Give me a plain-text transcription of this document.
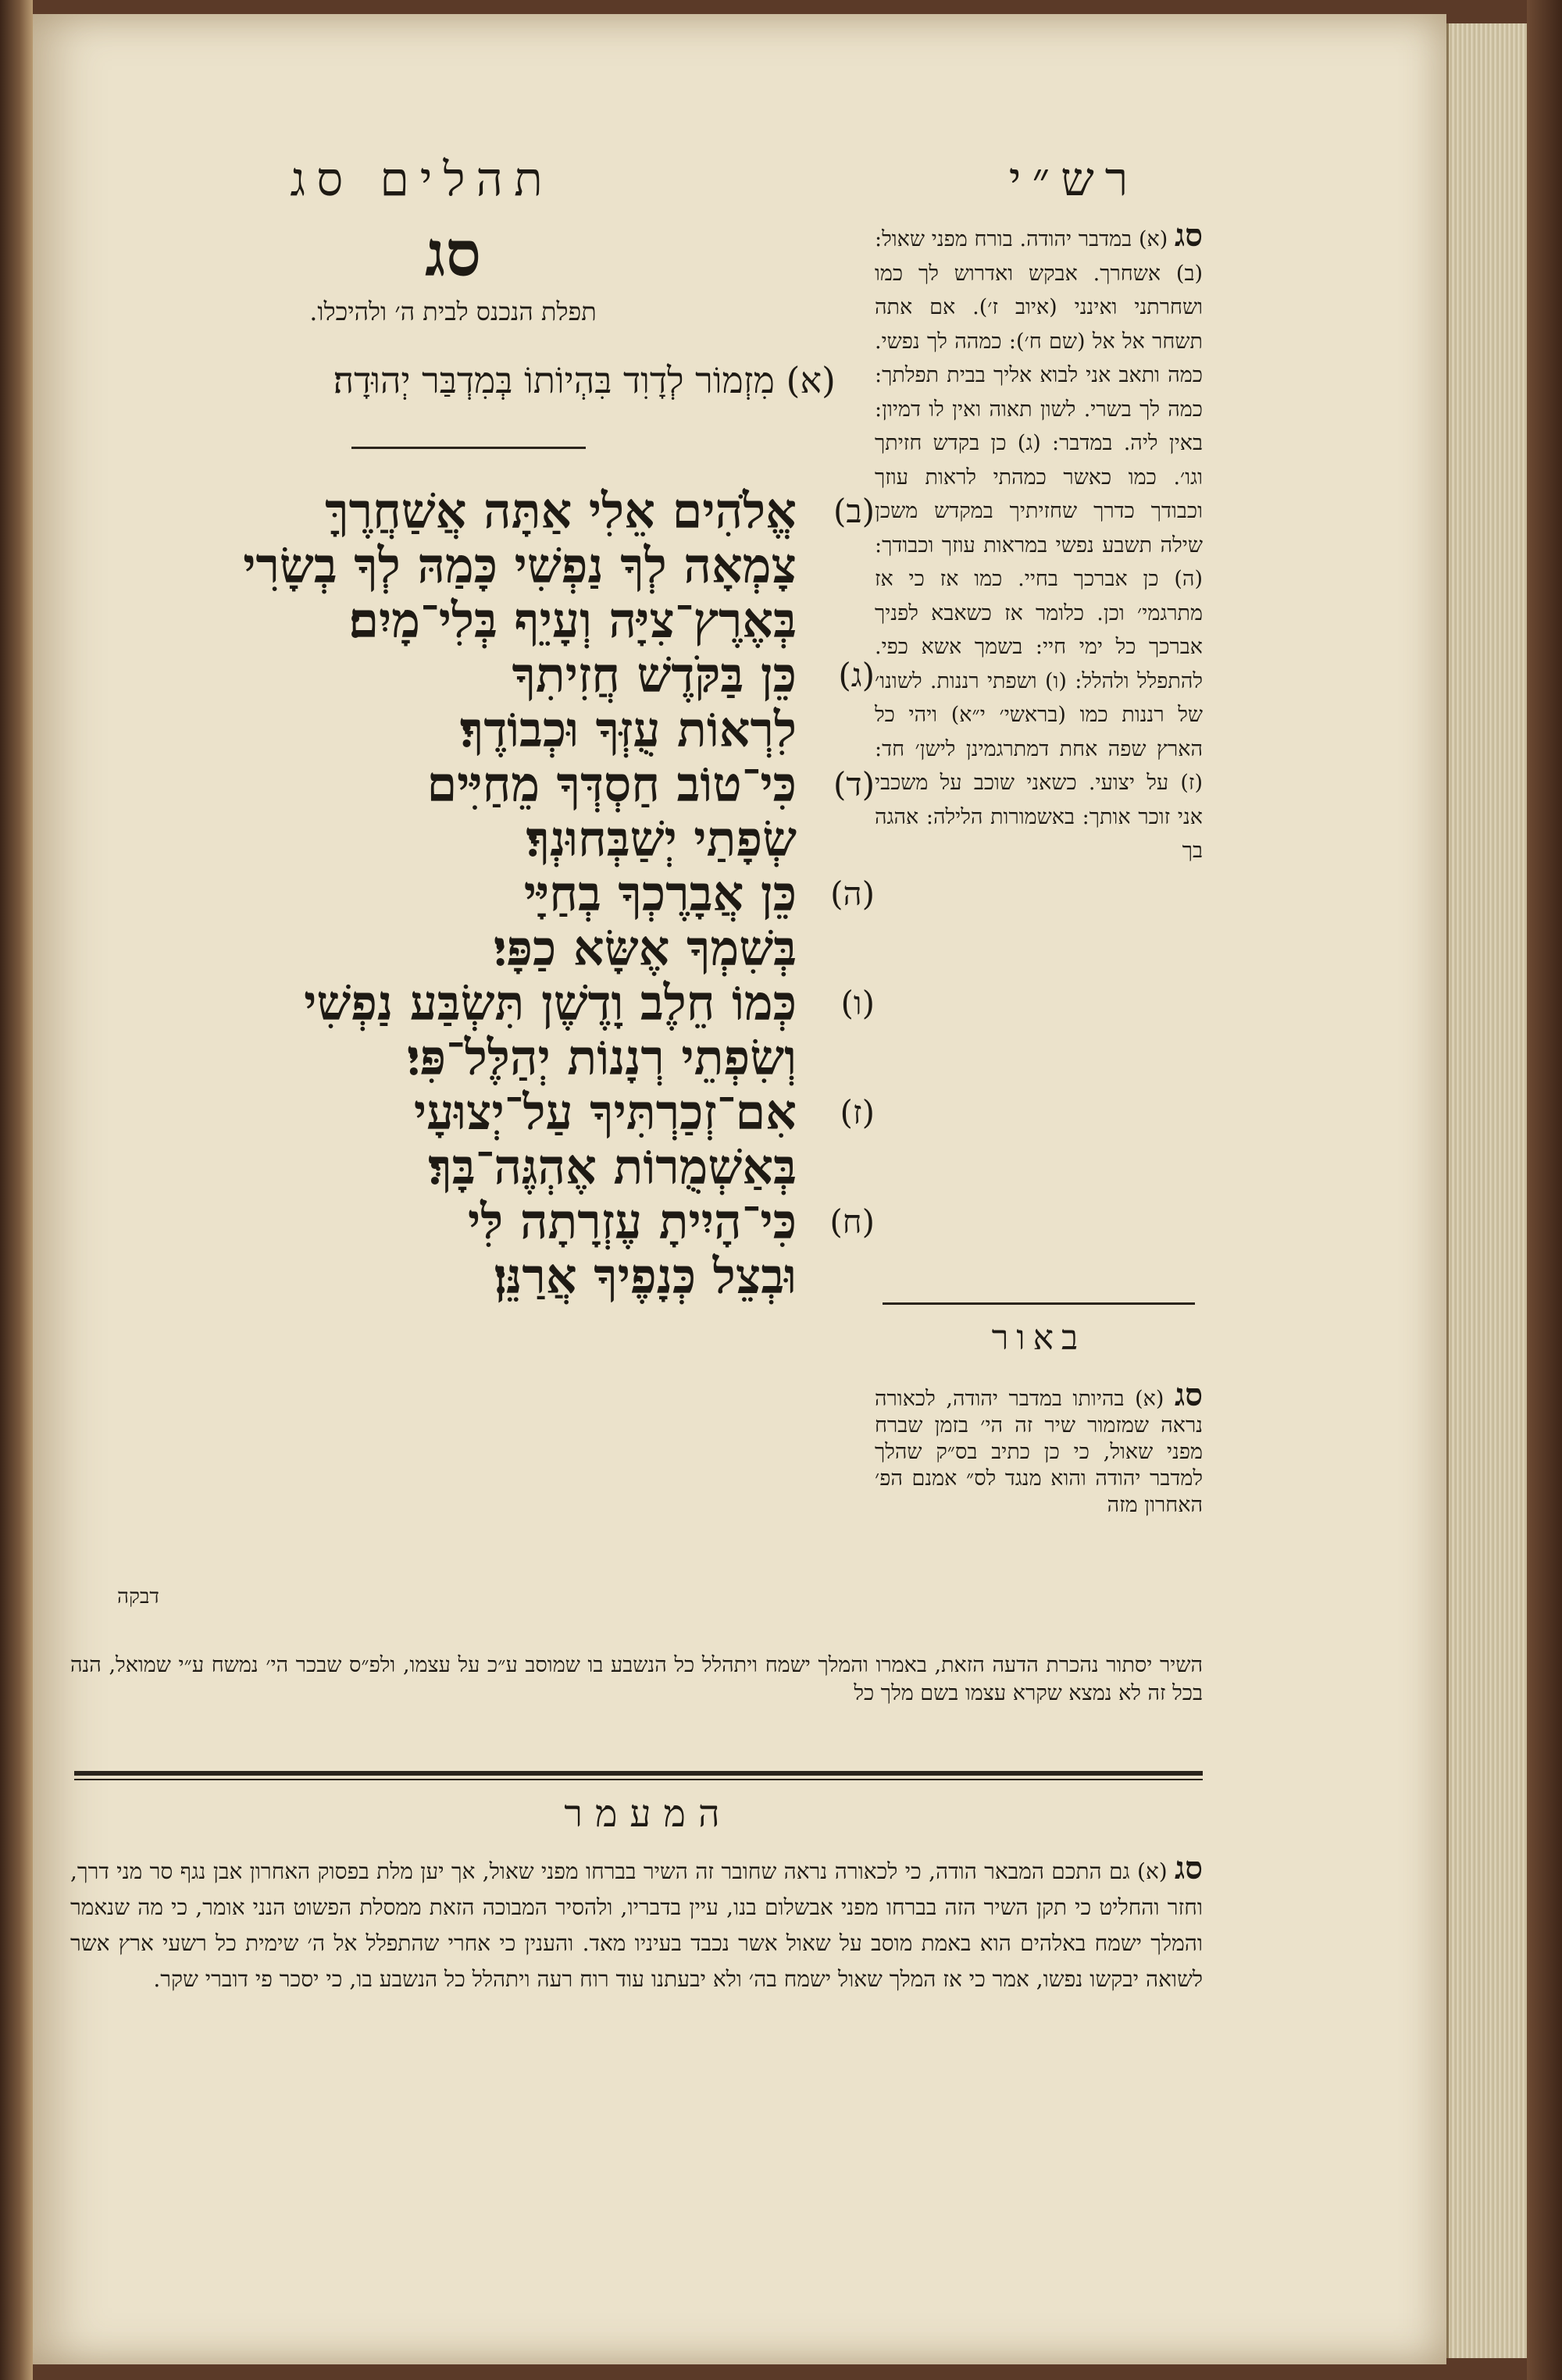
רש״י
תהלים סג
סג
תפלת הנכנס לבית ה׳ ולהיכלו.
(א) מִזְמוֹר לְדָוִד בִּהְיוֹתוֹ בְּמִדְבַּר יְהוּדָה׃
(ב)
אֱלֹהִים אֵלִי אַתָּה אֲשַׁחֲרֶךָּ
צָמְאָה לְךָ נַפְשִׁי כָּמַהּ לְךָ בְשָׂרִי
בְּאֶרֶץ־צִיָּה וְעָיֵף בְּלִי־מָיִם׃
(ג)
כֵּן בַּקֹּדֶשׁ חֲזִיתִךָ
לִרְאוֹת עֻזְּךָ וּכְבוֹדֶךָ׃
(ד)
כִּי־טוֹב חַסְדְּךָ מֵחַיִּים
שְׂפָתַי יְשַׁבְּחוּנְךָ׃
(ה)
כֵּן אֲבָרֶכְךָ בְחַיָּי
בְּשִׁמְךָ אֶשָּׂא כַפָּי׃
(ו)
כְּמוֹ חֵלֶב וָדֶשֶׁן תִּשְׂבַּע נַפְשִׁי
וְשִׂפְתֵי רְנָנוֹת יְהַלֶּל־פִּי׃
(ז)
אִם־זְכַרְתִּיךָ עַל־יְצוּעָי
בְּאַשְׁמֻרוֹת אֶהְגֶּה־בָּךְ׃
(ח)
כִּי־הָיִיתָ עֶזְרָתָה לִּי
וּבְצֵל כְּנָפֶיךָ אֲרַנֵּן׃
דבקה
סג (א) במדבר יהודה. בורח מפני שאול: (ב) אשחרך. אבקש ואדרוש לך כמו ושחרתני ואינני (איוב ז׳). אם אתה תשחר אל אל (שם ח׳): כמהה לך נפשי. כמה ותאב אני לבוא אליך בבית תפלתך: כמה לך בשרי. לשון תאוה ואין לו דמיון: באין ליה. במדבר: (ג) כן בקדש חזיתך וגו׳. כמו כאשר כמהתי לראות עוזך וכבודך כדרך שחזיתיך במקדש משכן שילה תשבע נפשי במראות עוזך וכבודך: (ה) כן אברכך בחיי. כמו אז כי אז מתרגמי׳ וכן. כלומר אז כשאבא לפניך אברכך כל ימי חיי: בשמך אשא כפי. להתפלל ולהלל: (ו) ושפתי רננות. לשונו׳ של רננות כמו (בראשי׳ י״א) ויהי כל הארץ שפה אחת דמתרגמינן לישן׳ חד: (ז) על יצועי. כשאני שוכב על משכבי אני זוכר אותך: באשמורות הלילה: אהגה בך
באור
סג (א) בהיותו במדבר יהודה, לכאורה נראה שמזמור שיר זה הי׳ בזמן שברח מפני שאול, כי כן כתיב בס״ק שהלך למדבר יהודה והוא מנגד לס״ אמנם הפ׳ האחרון מזה
השיר יסתור נהכרת הדעה הזאת, באמרו והמלך ישמח ויתהלל כל הנשבע בו שמוסב ע״כ על עצמו, ולפ״ס שבכר הי׳ נמשח ע״י שמואל, הנה בכל זה לא נמצא שקרא עצמו בשם מלך כל
המעמר
סג (א) גם התכם המבאר הודה, כי לכאורה נראה שחובר זה השיר בברחו מפני שאול, אך יען מלת בפסוק האחרון אבן נגף סר מני דרך, וחזר והחליט כי תקן השיר הזה בברחו מפני אבשלום בנו, עיין בדבריו, ולהסיר המבוכה הזאת ממסלת הפשוט הנני אומר, כי מה שנאמר והמלך ישמח באלהים הוא באמת מוסב על שאול אשר נכבד בעיניו מאד. והענין כי אחרי שהתפלל אל ה׳ שימית כל רשעי ארץ אשר לשואה יבקשו נפשו, אמר כי אז המלך שאול ישמח בה׳ ולא יבעתנו עוד רוח רעה ויתהלל כל הנשבע בו, כי יסכר פי דוברי שקר.
